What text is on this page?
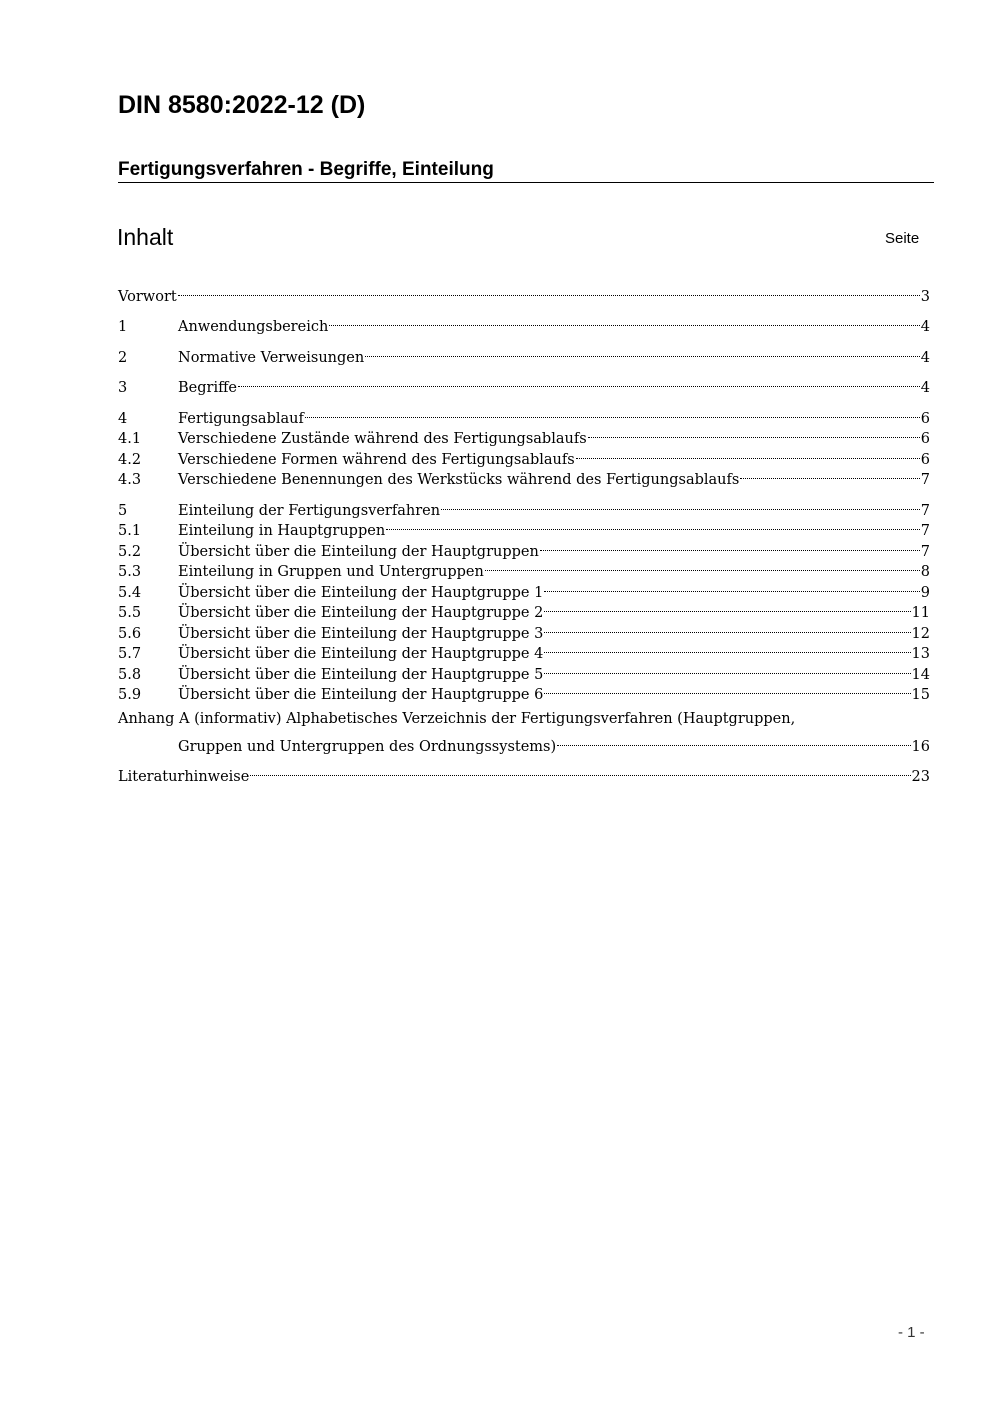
DIN 8580:2022-12 (D)
Fertigungsverfahren - Begriffe, Einteilung
Inhalt	Seite
Vorwort	3
1	Anwendungsbereich	4
2	Normative Verweisungen	4
3	Begriffe	4
4	Fertigungsablauf	6
4.1	Verschiedene Zustände während des Fertigungsablaufs	6
4.2	Verschiedene Formen während des Fertigungsablaufs	6
4.3	Verschiedene Benennungen des Werkstücks während des Fertigungsablaufs	7
5	Einteilung der Fertigungsverfahren	7
5.1	Einteilung in Hauptgruppen	7
5.2	Übersicht über die Einteilung der Hauptgruppen	7
5.3	Einteilung in Gruppen und Untergruppen	8
5.4	Übersicht über die Einteilung der Hauptgruppe 1	9
5.5	Übersicht über die Einteilung der Hauptgruppe 2	11
5.6	Übersicht über die Einteilung der Hauptgruppe 3	12
5.7	Übersicht über die Einteilung der Hauptgruppe 4	13
5.8	Übersicht über die Einteilung der Hauptgruppe 5	14
5.9	Übersicht über die Einteilung der Hauptgruppe 6	15
Anhang A (informativ) Alphabetisches Verzeichnis der Fertigungsverfahren (Hauptgruppen,
Gruppen und Untergruppen des Ordnungssystems)	16
Literaturhinweise	23
- 1 -
